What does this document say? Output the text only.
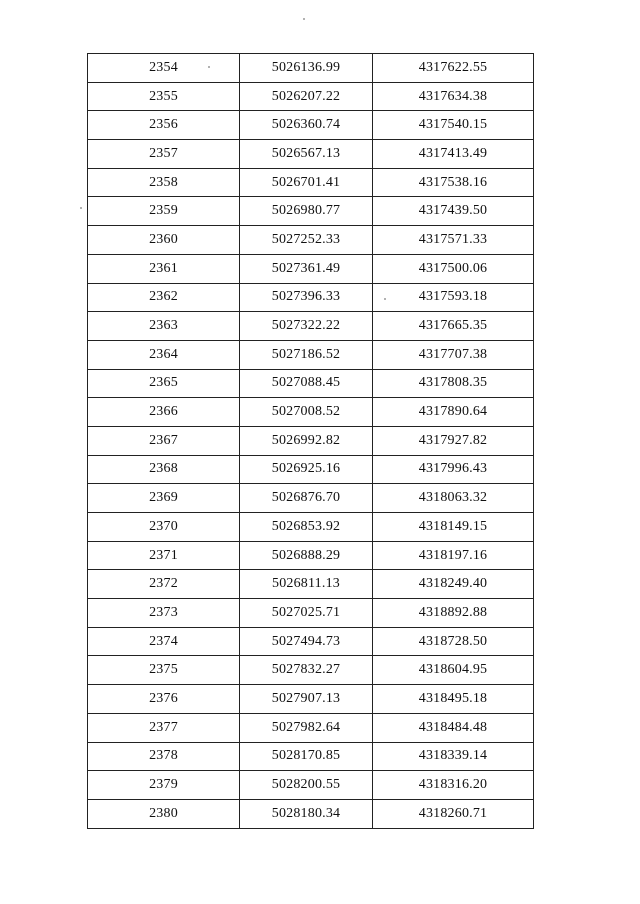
2354	5026136.99	4317622.55
2355	5026207.22	4317634.38
2356	5026360.74	4317540.15
2357	5026567.13	4317413.49
2358	5026701.41	4317538.16
2359	5026980.77	4317439.50
2360	5027252.33	4317571.33
2361	5027361.49	4317500.06
2362	5027396.33	4317593.18
2363	5027322.22	4317665.35
2364	5027186.52	4317707.38
2365	5027088.45	4317808.35
2366	5027008.52	4317890.64
2367	5026992.82	4317927.82
2368	5026925.16	4317996.43
2369	5026876.70	4318063.32
2370	5026853.92	4318149.15
2371	5026888.29	4318197.16
2372	5026811.13	4318249.40
2373	5027025.71	4318892.88
2374	5027494.73	4318728.50
2375	5027832.27	4318604.95
2376	5027907.13	4318495.18
2377	5027982.64	4318484.48
2378	5028170.85	4318339.14
2379	5028200.55	4318316.20
2380	5028180.34	4318260.71
